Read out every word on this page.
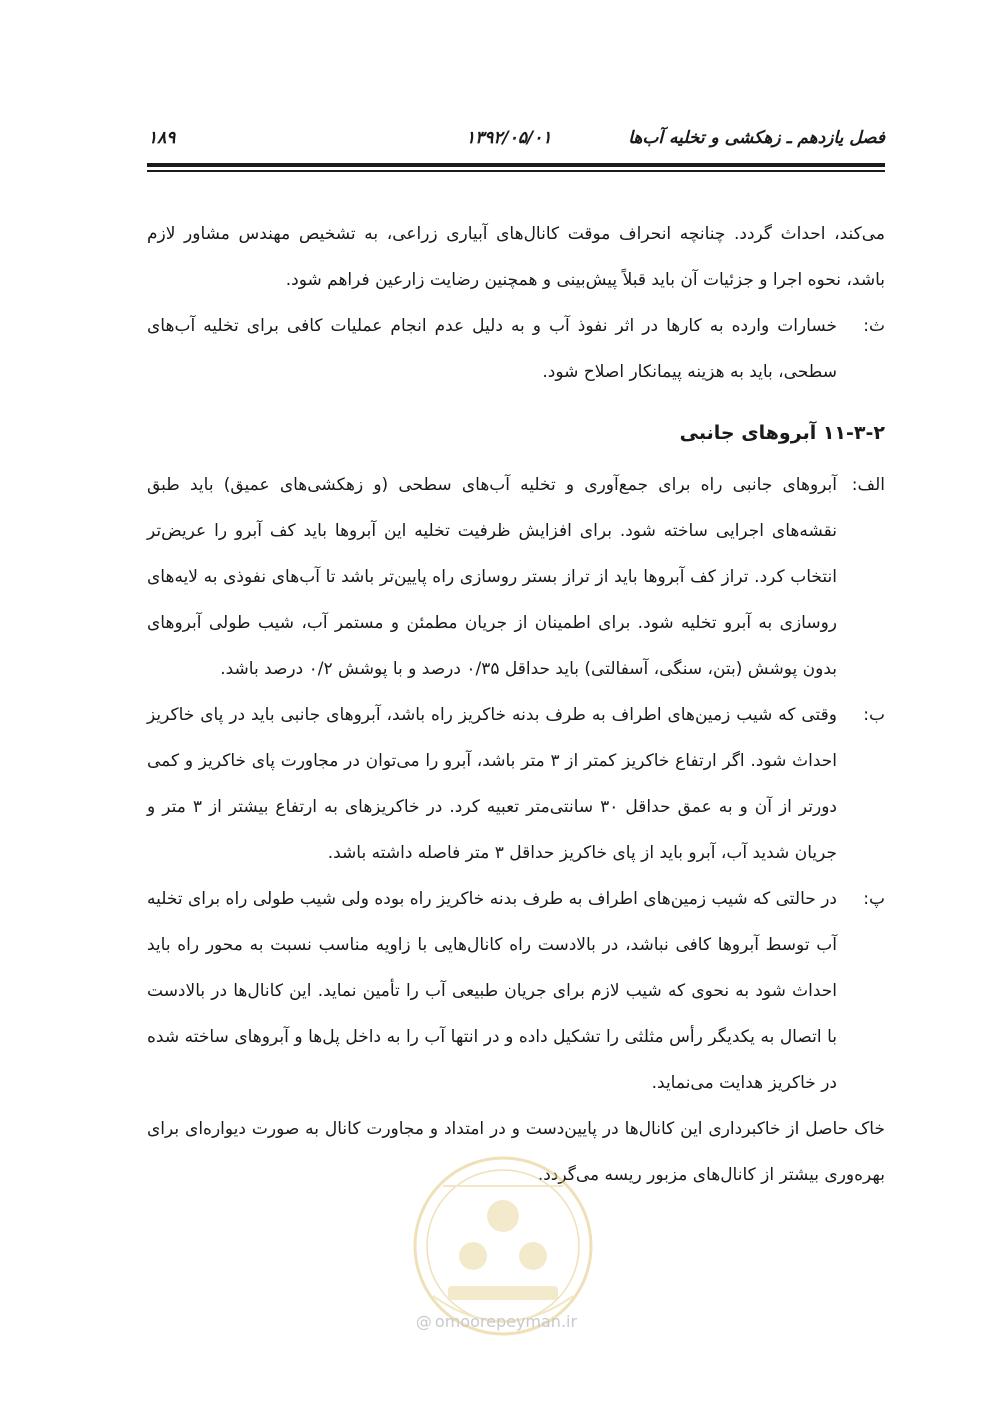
فصل یازدهم ـ زهکشی و تخلیه آب‌ها
۱۳۹۲/۰۵/۰۱
۱۸۹

می‌کند، احداث گردد. چنانچه انحراف موقت کانال‌های آبیاری زراعی، به تشخیص مهندس مشاور لازم باشد، نحوه اجرا و جزئیات آن باید قبلاً پیش‌بینی و همچنین رضایت زارعین فراهم شود.

ث:

خسارات وارده به کارها در اثر نفوذ آب و به دلیل عدم انجام عملیات کافی برای تخلیه آب‌های سطحی، باید به هزینه پیمانکار اصلاح شود.

۱۱-۳-۲ آبروهای جانبی
الف:

آبروهای جانبی راه برای جمع‌آوری و تخلیه آب‌های سطحی (و زهکشی‌های عمیق) باید طبق نقشه‌های اجرایی ساخته شود. برای افزایش ظرفیت تخلیه این آبروها باید کف آبرو را عریض‌تر انتخاب کرد. تراز کف آبروها باید از تراز بستر روسازی راه پایین‌تر باشد تا آب‌های نفوذی به لایه‌های روسازی به آبرو تخلیه شود. برای اطمینان از جریان مطمئن و مستمر آب، شیب طولی آبروهای بدون پوشش (بتن، سنگی، آسفالتی) باید حداقل ۰/۳۵ درصد و با پوشش ۰/۲ درصد باشد.

ب:

وقتی که شیب زمین‌های اطراف به طرف بدنه خاکریز راه باشد، آبروهای جانبی باید در پای خاکریز احداث شود. اگر ارتفاع خاکریز کمتر از ۳ متر باشد، آبرو را می‌توان در مجاورت پای خاکریز و کمی دورتر از آن و به عمق حداقل ۳۰ سانتی‌متر تعبیه کرد. در خاکریزهای به ارتفاع بیشتر از ۳ متر و جریان شدید آب، آبرو باید از پای خاکریز حداقل ۳ متر فاصله داشته باشد.

پ:

در حالتی که شیب زمین‌های اطراف به طرف بدنه خاکریز راه بوده ولی شیب طولی راه برای تخلیه آب توسط آبروها کافی نباشد، در بالادست راه کانال‌هایی با زاویه مناسب نسبت به محور راه باید احداث شود به نحوی که شیب لازم برای جریان طبیعی آب را تأمین نماید. این کانال‌ها در بالادست با اتصال به یکدیگر رأس مثلثی را تشکیل داده و در انتها آب را به داخل پل‌ها و آبروهای ساخته شده در خاکریز هدایت می‌نماید.

خاک حاصل از خاکبرداری این کانال‌ها در پایین‌دست و در امتداد و مجاورت کانال به صورت دیواره‌ای برای بهره‌وری بیشتر از کانال‌های مزبور ریسه می‌گردد.

@ omoorepeyman.ir
